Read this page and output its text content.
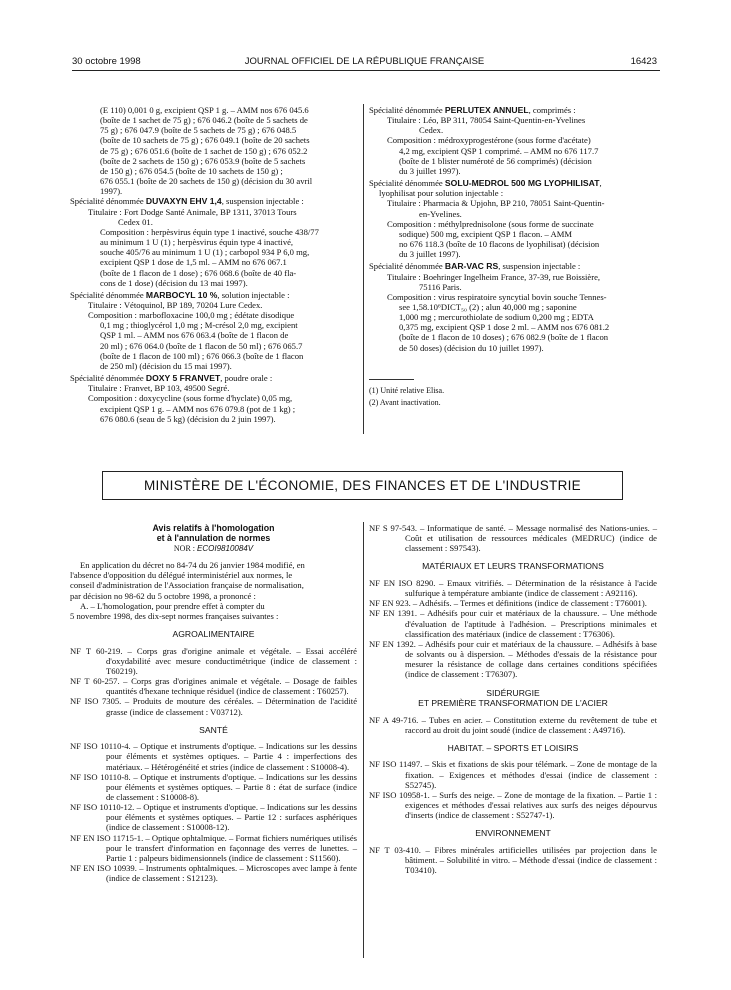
30 octobre 1998	JOURNAL OFFICIEL DE LA RÉPUBLIQUE FRANÇAISE	16423
(E 110) 0,001 0 g, excipient QSP 1 g. – AMM nos 676 045.6
(boîte de 1 sachet de 75 g) ; 676 046.2 (boîte de 5 sachets de
75 g) ; 676 047.9 (boîte de 5 sachets de 75 g) ; 676 048.5
(boîte de 10 sachets de 75 g) ; 676 049.1 (boîte de 20 sachets
de 75 g) ; 676 051.6 (boîte de 1 sachet de 150 g) ; 676 052.2
(boîte de 2 sachets de 150 g) ; 676 053.9 (boîte de 5 sachets
de 150 g) ; 676 054.5 (boîte de 10 sachets de 150 g) ;
676 055.1 (boîte de 20 sachets de 150 g) (décision du 30 avril
1997).
Spécialité dénommée DUVAXYN EHV 1,4, suspension injectable :
Titulaire : Fort Dodge Santé Animale, BP 1311, 37013 Tours
Cedex 01.
Composition : herpèsvirus équin type 1 inactivé, souche 438/77
au minimum 1 U (1) ; herpèsvirus équin type 4 inactivé,
souche 405/76 au minimum 1 U (1) ; carbopol 934 P 6,0 mg,
excipient QSP 1 dose de 1,5 ml. – AMM no 676 067.1
(boîte de 1 flacon de 1 dose) ; 676 068.6 (boîte de 40 fla-
cons de 1 dose) (décision du 13 mai 1997).
Spécialité dénommée MARBOCYL 10 %, solution injectable :
Titulaire : Vétoquinol, BP 189, 70204 Lure Cedex.
Composition : marbofloxacine 100,0 mg ; édétate disodique
0,1 mg ; thioglycérol 1,0 mg ; M-crésol 2,0 mg, excipient
QSP 1 ml. – AMM nos 676 063.4 (boîte de 1 flacon de
20 ml) ; 676 064.0 (boîte de 1 flacon de 50 ml) ; 676 065.7
(boîte de 1 flacon de 100 ml) ; 676 066.3 (boîte de 1 flacon
de 250 ml) (décision du 15 mai 1997).
Spécialité dénommée DOXY 5 FRANVET, poudre orale :
Titulaire : Franvet, BP 103, 49500 Segré.
Composition : doxycycline (sous forme d'hyclate) 0,05 mg,
excipient QSP 1 g. – AMM nos 676 079.8 (pot de 1 kg) ;
676 080.6 (seau de 5 kg) (décision du 2 juin 1997).
Spécialité dénommée PERLUTEX ANNUEL, comprimés :
Titulaire : Léo, BP 311, 78054 Saint-Quentin-en-Yvelines
Cedex.
Composition : médroxyprogestérone (sous forme d'acétate)
4,2 mg, excipient QSP 1 comprimé. – AMM no 676 117.7
(boîte de 1 blister numéroté de 56 comprimés) (décision
du 3 juillet 1997).
Spécialité dénommée SOLU-MEDROL 500 MG LYOPHILISAT,
lyophilisat pour solution injectable :
Titulaire : Pharmacia & Upjohn, BP 210, 78051 Saint-Quentin-
en-Yvelines.
Composition : méthylprednisolone (sous forme de succinate
sodique) 500 mg, excipient QSP 1 flacon. – AMM
no 676 118.3 (boîte de 10 flacons de lyophilisat) (décision
du 3 juillet 1997).
Spécialité dénommée BAR-VAC RS, suspension injectable :
Titulaire : Boehringer Ingelheim France, 37-39, rue Boissière,
75116 Paris.
Composition : virus respiratoire syncytial bovin souche Tennes-
see 1,58.10⁶DICT₅₀ (2) ; alun 40,000 mg ; saponine
1,000 mg ; mercurothiolate de sodium 0,200 mg ; EDTA
0,375 mg, excipient QSP 1 dose 2 ml. – AMM nos 676 081.2
(boîte de 1 flacon de 10 doses) ; 676 082.9 (boîte de 1 flacon
de 50 doses) (décision du 10 juillet 1997).
(1) Unité relative Elisa.
(2) Avant inactivation.
MINISTÈRE DE L'ÉCONOMIE, DES FINANCES ET DE L'INDUSTRIE
Avis relatifs à l'homologation
et à l'annulation de normes
NOR : ECOI9810084V
En application du décret no 84-74 du 26 janvier 1984 modifié, en
l'absence d'opposition du délégué interministériel aux normes, le
conseil d'administration de l'Association française de normalisation,
par décision no 98-62 du 5 octobre 1998, a prononcé :
A. – L'homologation, pour prendre effet à compter du
5 novembre 1998, des dix-sept normes françaises suivantes :
AGROALIMENTAIRE
NF T 60-219. – Corps gras d'origine animale et végétale. – Essai accéléré d'oxydabilité avec mesure conductimétrique (indice de classement : T60219).
NF T 60-257. – Corps gras d'origines animale et végétale. – Dosage de faibles quantités d'hexane technique résiduel (indice de classement : T60257).
NF ISO 7305. – Produits de mouture des céréales. – Détermination de l'acidité grasse (indice de classement : V03712).
SANTÉ
NF ISO 10110-4. – Optique et instruments d'optique. – Indications sur les dessins pour éléments et systèmes optiques. – Partie 4 : imperfections des matériaux. – Hétérogénéité et stries (indice de classement : S10008-4).
NF ISO 10110-8. – Optique et instruments d'optique. – Indications sur les dessins pour éléments et systèmes optiques. – Partie 8 : état de surface (indice de classement : S10008-8).
NF ISO 10110-12. – Optique et instruments d'optique. – Indications sur les dessins pour éléments et systèmes optiques. – Partie 12 : surfaces asphériques (indice de classement : S10008-12).
NF EN ISO 11715-1. – Optique ophtalmique. – Format fichiers numériques utilisés pour le transfert d'information en façonnage des verres de lunettes. – Partie 1 : palpeurs bidimensionnels (indice de classement : S11560).
NF EN ISO 10939. – Instruments ophtalmiques. – Microscopes avec lampe à fente (indice de classement : S12123).
NF S 97-543. – Informatique de santé. – Message normalisé des Nations-unies. – Coût et utilisation de ressources médicales (MEDRUC) (indice de classement : S97543).
MATÉRIAUX ET LEURS TRANSFORMATIONS
NF EN ISO 8290. – Emaux vitrifiés. – Détermination de la résistance à l'acide sulfurique à température ambiante (indice de classement : A92116).
NF EN 923. – Adhésifs. – Termes et définitions (indice de classement : T76001).
NF EN 1391. – Adhésifs pour cuir et matériaux de la chaussure. – Une méthode d'évaluation de l'aptitude à l'adhésion. – Prescriptions minimales et classification des matériaux (indice de classement : T76306).
NF EN 1392. – Adhésifs pour cuir et matériaux de la chaussure. – Adhésifs à base de solvants ou à dispersion. – Méthodes d'essais de la résistance pour mesurer la résistance de collage dans certaines conditions spécifiées (indice de classement : T76307).
SIDÉRURGIE
ET PREMIÈRE TRANSFORMATION DE L'ACIER
NF A 49-716. – Tubes en acier. – Constitution externe du revêtement de tube et raccord au droit du joint soudé (indice de classement : A49716).
HABITAT. – SPORTS ET LOISIRS
NF ISO 11497. – Skis et fixations de skis pour télémark. – Zone de montage de la fixation. – Exigences et méthodes d'essai (indice de classement : S52745).
NF ISO 10958-1. – Surfs des neige. – Zone de montage de la fixation. – Partie 1 : exigences et méthodes d'essai relatives aux surfs des neiges dépourvus d'inserts (indice de classement : S52747-1).
ENVIRONNEMENT
NF T 03-410. – Fibres minérales artificielles utilisées par projection dans le bâtiment. – Solubilité in vitro. – Méthode d'essai (indice de classement : T03410).
